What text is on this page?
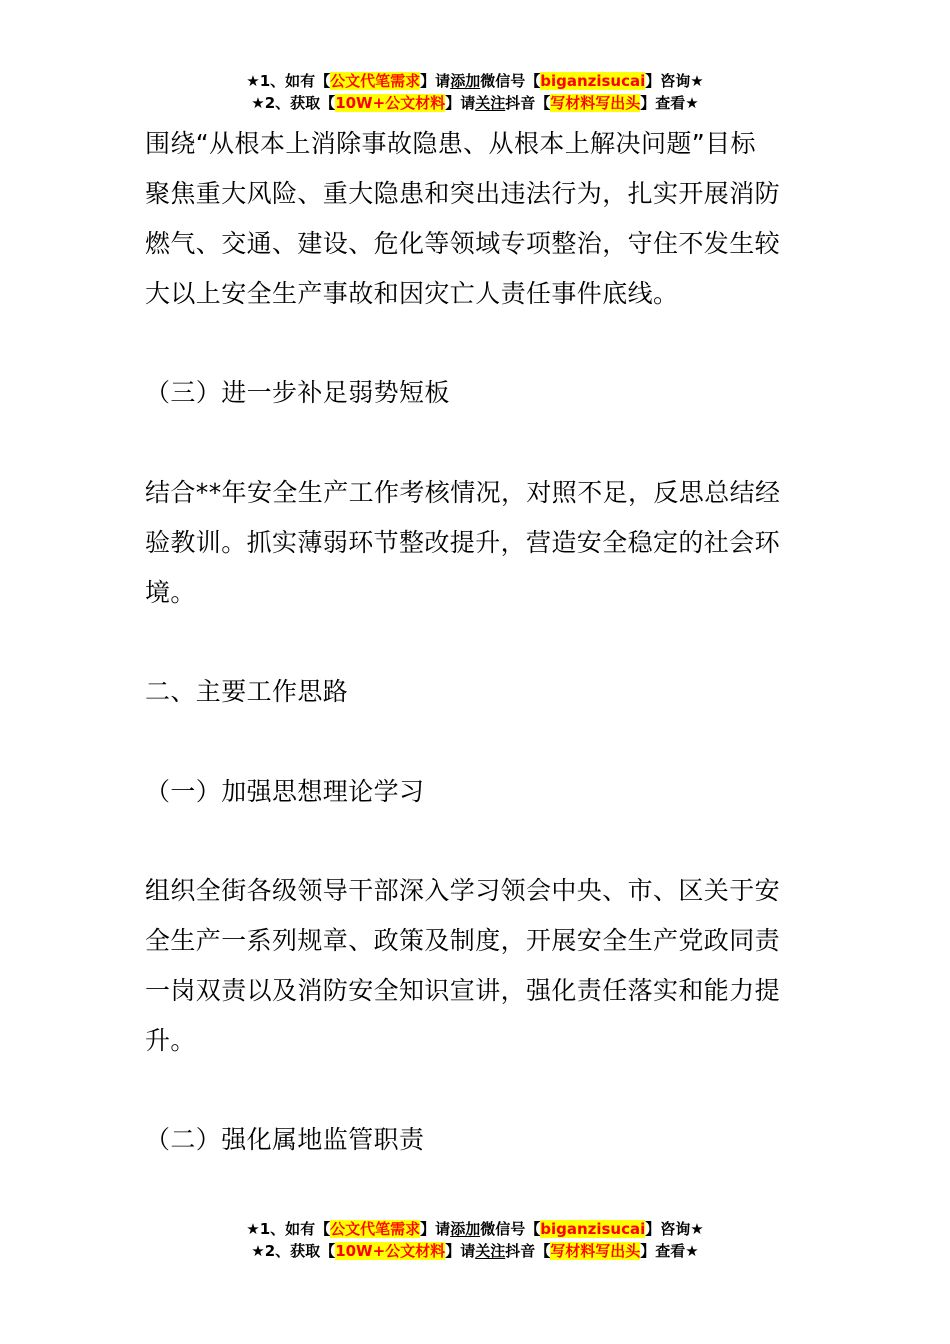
★1、如有【公文代笔需求】请添加微信号【biganzisucai】咨询★
★2、获取【10W+公文材料】请关注抖音【写材料写出头】查看★

围绕“从根本上消除事故隐患、从根本上解决问题”目标
聚焦重大风险、重大隐患和突出违法行为，扎实开展消防
燃气、交通、建设、危化等领域专项整治，守住不发生较
大以上安全生产事故和因灾亡人责任事件底线。

（三）进一步补足弱势短板

结合**年安全生产工作考核情况，对照不足，反思总结经
验教训。抓实薄弱环节整改提升，营造安全稳定的社会环
境。

二、主要工作思路

（一）加强思想理论学习

组织全街各级领导干部深入学习领会中央、市、区关于安
全生产一系列规章、政策及制度，开展安全生产党政同责
一岗双责以及消防安全知识宣讲，强化责任落实和能力提
升。

（二）强化属地监管职责

★1、如有【公文代笔需求】请添加微信号【biganzisucai】咨询★
★2、获取【10W+公文材料】请关注抖音【写材料写出头】查看★
